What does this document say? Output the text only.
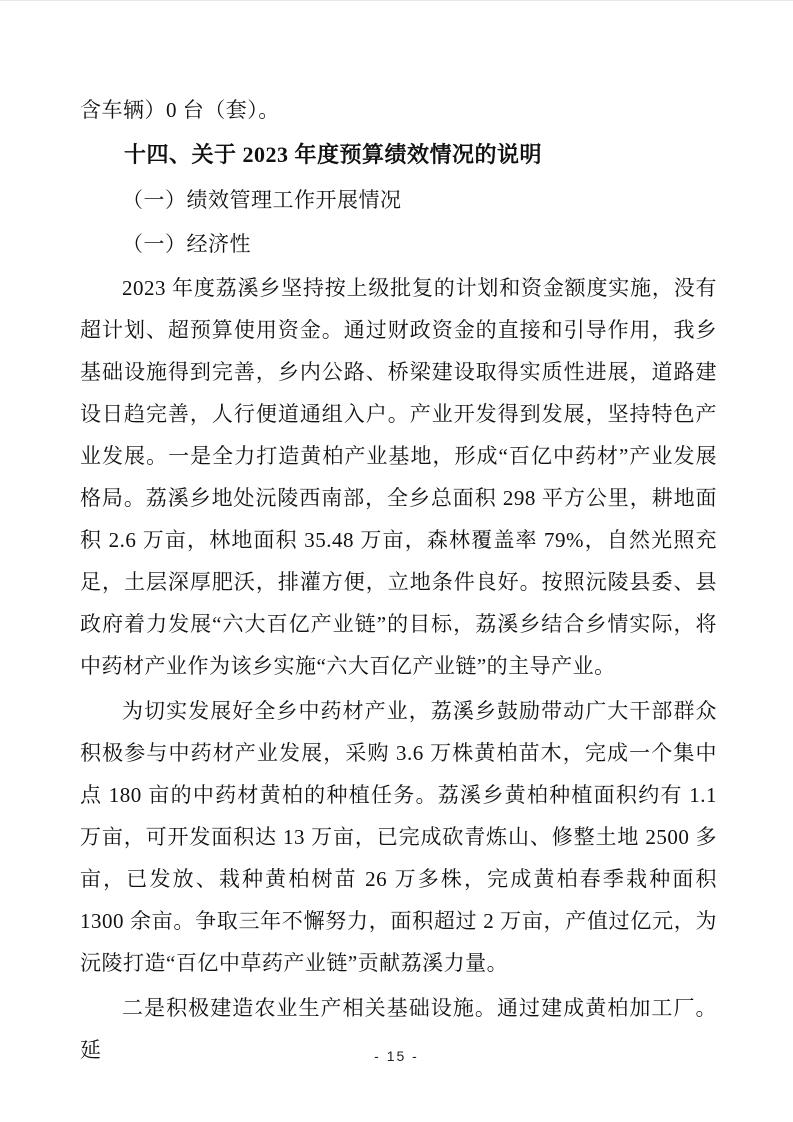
含车辆）0 台（套）。

十四、关于 2023 年度预算绩效情况的说明

（一）绩效管理工作开展情况

（一）经济性

2023 年度荔溪乡坚持按上级批复的计划和资金额度实施，没有超计划、超预算使用资金。通过财政资金的直接和引导作用，我乡基础设施得到完善，乡内公路、桥梁建设取得实质性进展，道路建设日趋完善，人行便道通组入户。产业开发得到发展，坚持特色产业发展。一是全力打造黄柏产业基地，形成“百亿中药材”产业发展格局。荔溪乡地处沅陵西南部，全乡总面积 298 平方公里，耕地面积 2.6 万亩，林地面积 35.48 万亩，森林覆盖率 79%，自然光照充足，土层深厚肥沃，排灌方便，立地条件良好。按照沅陵县委、县政府着力发展“六大百亿产业链”的目标，荔溪乡结合乡情实际，将中药材产业作为该乡实施“六大百亿产业链”的主导产业。

为切实发展好全乡中药材产业，荔溪乡鼓励带动广大干部群众积极参与中药材产业发展，采购 3.6 万株黄柏苗木，完成一个集中点 180 亩的中药材黄柏的种植任务。荔溪乡黄柏种植面积约有 1.1 万亩，可开发面积达 13 万亩，已完成砍青炼山、修整土地 2500 多亩，已发放、栽种黄柏树苗 26 万多株，完成黄柏春季栽种面积 1300 余亩。争取三年不懈努力，面积超过 2 万亩，产值过亿元，为沅陵打造“百亿中草药产业链”贡献荔溪力量。

二是积极建造农业生产相关基础设施。通过建成黄柏加工厂。延	- 15 -
